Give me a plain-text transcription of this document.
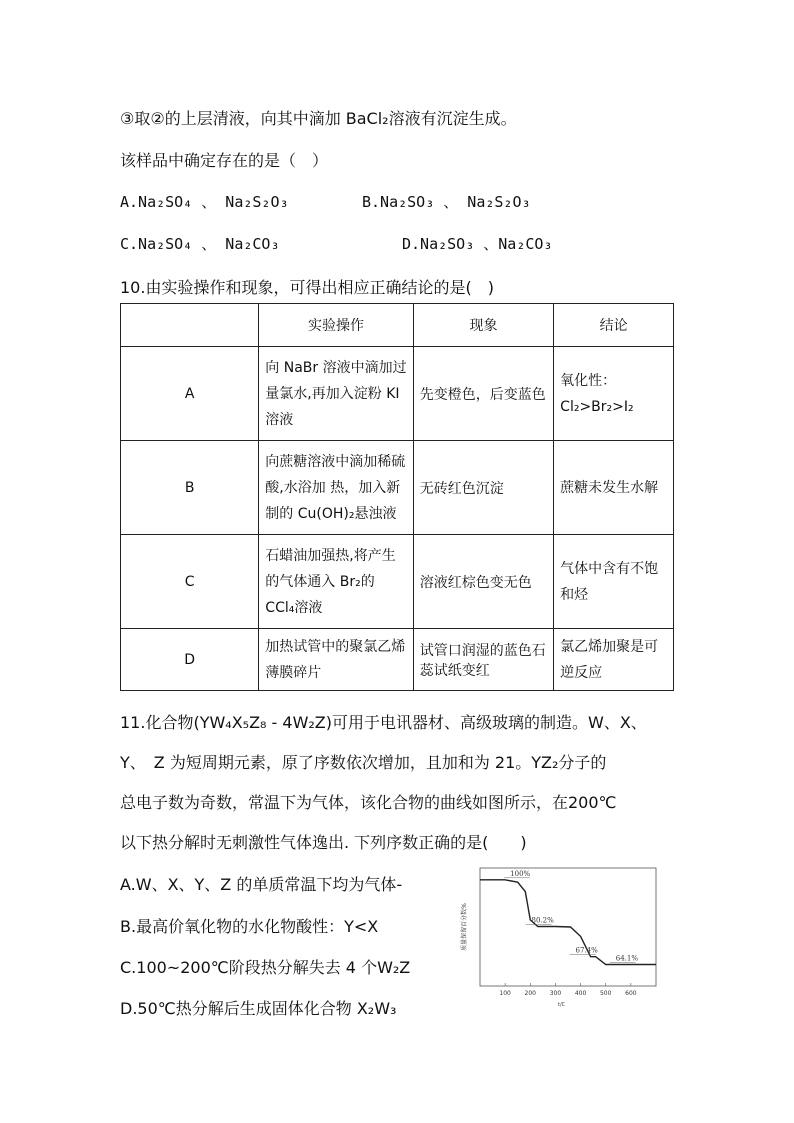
③取②的上层清液，向其中滴加 BaCl₂溶液有沉淀生成。
该样品中确定存在的是（　）
A.Na₂SO₄ 、 Na₂S₂O₃	B.Na₂SO₃ 、 Na₂S₂O₃
C.Na₂SO₄ 、 Na₂CO₃	D.Na₂SO₃ 、Na₂CO₃
10.由实验操作和现象，可得出相应正确结论的是(　)
	实验操作	现象	结论
A	向 NaBr 溶液中滴加过量氯水,再加入淀粉 KI溶液	先变橙色，后变蓝色	氧化性：Cl₂>Br₂>I₂
B	向蔗糖溶液中滴加稀硫酸,水浴加 热，加入新制的 Cu(OH)₂悬浊液	无砖红色沉淀	蔗糖未发生水解
C	石蜡油加强热,将产生的气体通入 Br₂的 CCl₄溶液	溶液红棕色变无色	气体中含有不饱和烃
D	加热试管中的聚氯乙烯薄膜碎片	试管口润湿的蓝色石蕊试纸变红	氯乙烯加聚是可逆反应
11.化合物(YW₄X₅Z₈ - 4W₂Z)可用于电讯器材、高级玻璃的制造。W、X、
Y、　Z 为短周期元素，原了序数依次增加，且加和为 21。YZ₂分子的
总电子数为奇数，常温下为气体，该化合物的曲线如图所示，在200℃
以下热分解时无刺激性气体逸出. 下列序数正确的是(　　)
A.W、X、Y、Z 的单质常温下均为气体-
B.最高价氧化物的水化物酸性：Y<X
C.100~200℃阶段热分解失去 4 个W₂Z
D.50℃热分解后生成固体化合物 X₂W₃
100 200 300 400 500 600
100%
80.2%
67.4%
64.1%
质量保留百分数%
t/C
